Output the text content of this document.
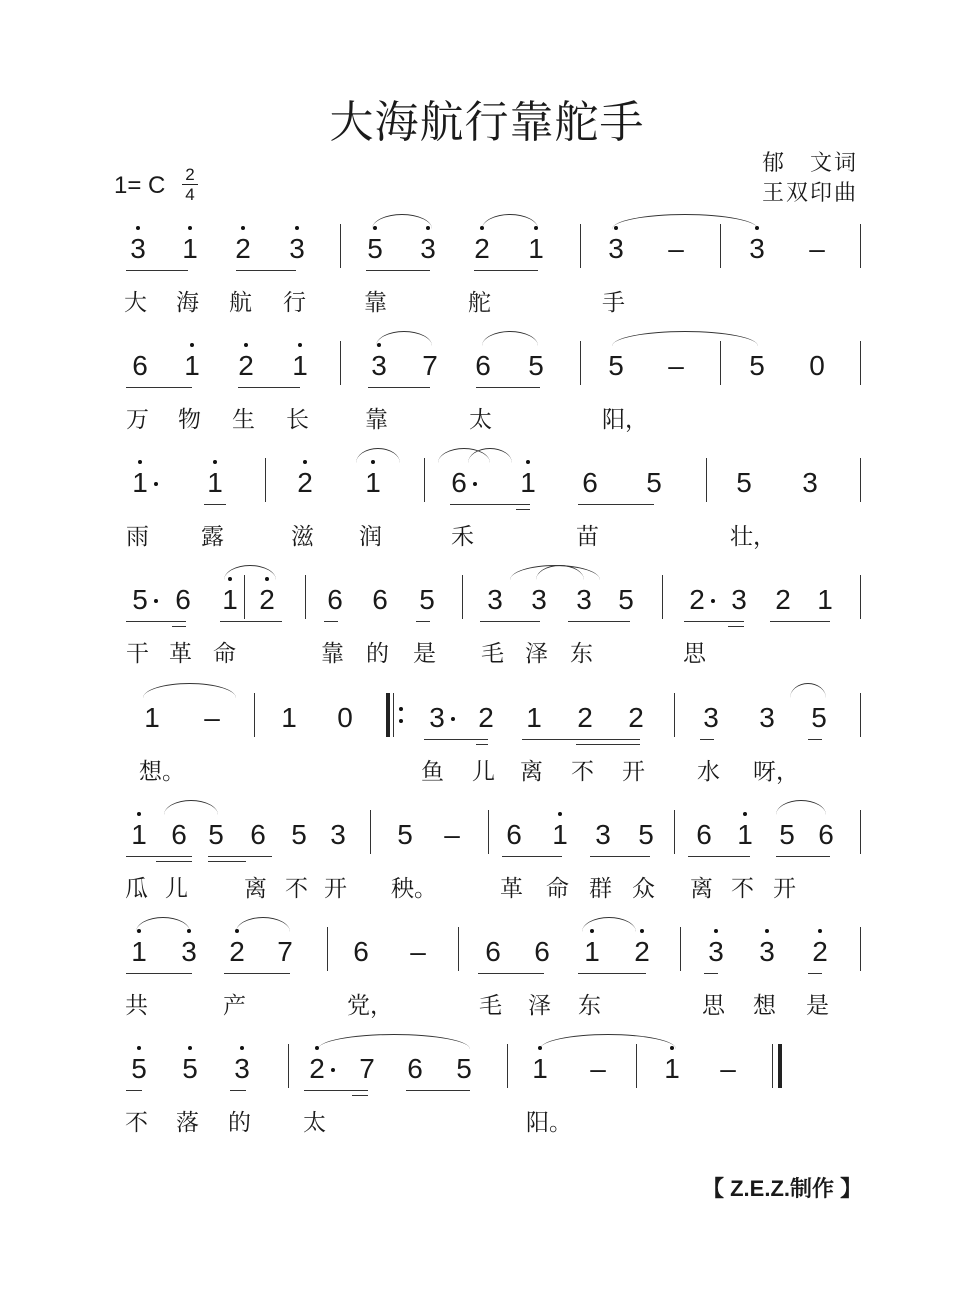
大海航行靠舵手
1= C 2
4
郁　文词
王双印曲
3 1 2 3 5 3 2 1 3 – 3 –
大 海 航 行	靠	舵	手
6 1 2 1 3 7 6 5 5 – 5 0
万 物 生 长 靠	太	阳，
1 1	2 1	6 1 6 5	5 3
雨 露	滋 润	禾	苗	壮，
5 6 1 2 6 6 5 3 3 3 5 2 3 2 1
干 革 命	靠 的 是 毛 泽 东	思
1 – 1 0	3 2 1 2 2 3 3 5
想。	鱼 儿 离 不 开 水 呀，
1 6 5 6 5 3 5 – 6 1 3 5 6 1 5 6
瓜 儿 离 不 开 秧。	革 命 群 众 离 不 开
1 3 2 7 6 – 6 6 1 2 3 3 2
共	产	党，	毛 泽 东	思 想 是
5 5 3 2 7 6 5 1 – 1 –
不 落 的 太	阳。
【 Z.E.Z.制作 】
